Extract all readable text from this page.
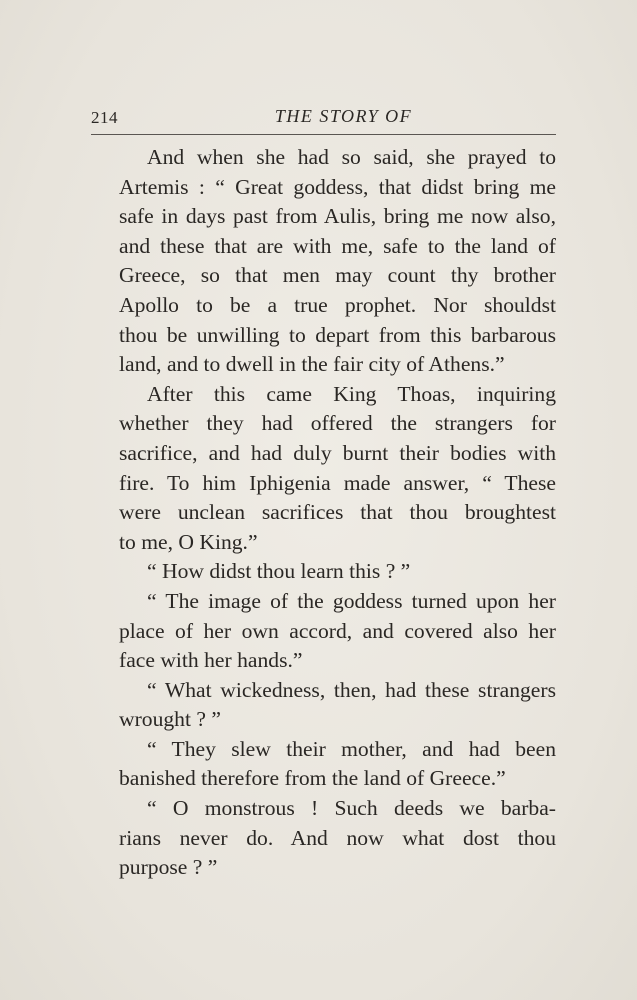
214	THE STORY OF
And when she had so said, she prayed to
Artemis : “ Great goddess, that didst bring me
safe in days past from Aulis, bring me now also,
and these that are with me, safe to the land of
Greece, so that men may count thy brother
Apollo to be a true prophet. Nor shouldst
thou be unwilling to depart from this barbarous
land, and to dwell in the fair city of Athens.”
After this came King Thoas, inquiring
whether they had offered the strangers for
sacrifice, and had duly burnt their bodies with
fire. To him Iphigenia made answer, “ These
were unclean sacrifices that thou broughtest
to me, O King.”
“ How didst thou learn this ? ”
“ The image of the goddess turned upon her
place of her own accord, and covered also her
face with her hands.”
“ What wickedness, then, had these strangers
wrought ? ”
“ They slew their mother, and had been
banished therefore from the land of Greece.”
“ O monstrous ! Such deeds we barba-
rians never do. And now what dost thou
purpose ? ”
